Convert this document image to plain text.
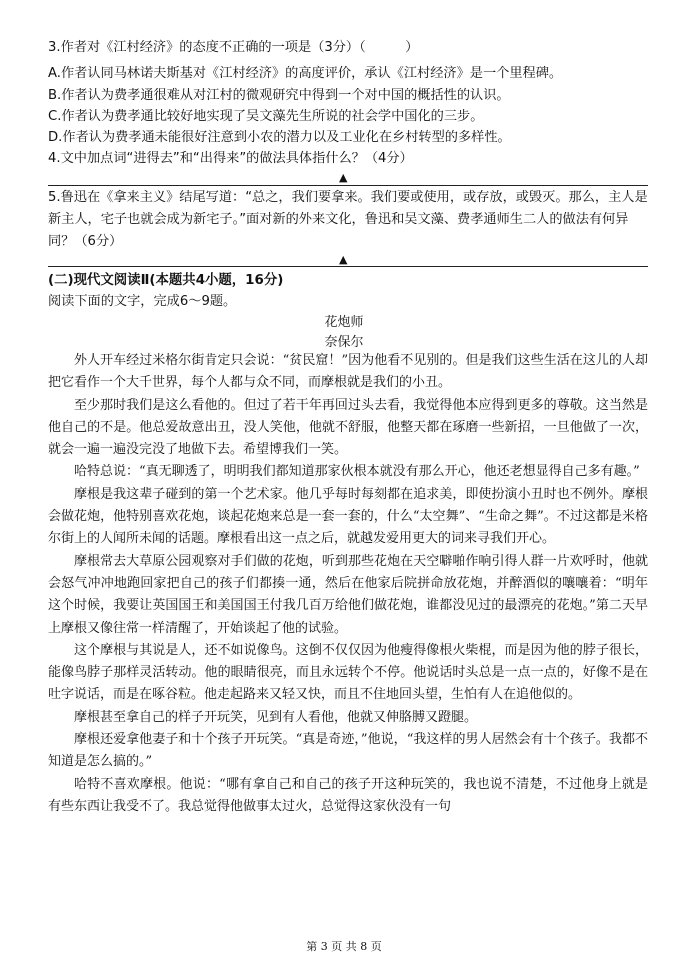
3.作者对《江村经济》的态度不正确的一项是（3分）（　　　）
A.作者认同马林诺夫斯基对《江村经济》的高度评价，承认《江村经济》是一个里程碑。
B.作者认为费孝通很难从对江村的微观研究中得到一个对中国的概括性的认识。
C.作者认为费孝通比较好地实现了吴文藻先生所说的社会学中国化的三步。
D.作者认为费孝通未能很好注意到小农的潜力以及工业化在乡村转型的多样性。
4.文中加点词“进得去”和“出得来”的做法具体指什么？（4分）
▲
5.鲁迅在《拿来主义》结尾写道：“总之，我们要拿来。我们要或使用，或存放，或毁灭。那么，主人是新主人，宅子也就会成为新宅子。”面对新的外来文化，鲁迅和吴文藻、费孝通师生二人的做法有何异同？（6分）
▲
(二)现代文阅读Ⅱ(本题共4小题，16分)
阅读下面的文字，完成6～9题。
花炮师
奈保尔

外人开车经过米格尔街肯定只会说：“贫民窟！”因为他看不见别的。但是我们这些生活在这儿的人却把它看作一个大千世界，每个人都与众不同，而摩根就是我们的小丑。

至少那时我们是这么看他的。但过了若干年再回过头去看，我觉得他本应得到更多的尊敬。这当然是他自己的不是。他总爱故意出丑，没人笑他，他就不舒服，他整天都在琢磨一些新招，一旦他做了一次，就会一遍一遍没完没了地做下去。希望博我们一笑。

哈特总说：“真无聊透了，明明我们都知道那家伙根本就没有那么开心，他还老想显得自己多有趣。”

摩根是我这辈子碰到的第一个艺术家。他几乎每时每刻都在追求美，即使扮演小丑时也不例外。摩根会做花炮，他特别喜欢花炮，谈起花炮来总是一套一套的，什么“太空舞”、“生命之舞”。不过这都是米格尔街上的人闻所未闻的话题。摩根看出这一点之后，就越发爱用更大的词来寻我们开心。

摩根常去大草原公园观察对手们做的花炮，听到那些花炮在天空噼啪作响引得人群一片欢呼时，他就会怒气冲冲地跑回家把自己的孩子们都揍一通，然后在他家后院拼命放花炮，并醉酒似的嚷嚷着：“明年这个时候，我要让英国国王和美国国王付我几百万给他们做花炮，谁都没见过的最漂亮的花炮。”第二天早上摩根又像往常一样清醒了，开始谈起了他的试验。

这个摩根与其说是人，还不如说像鸟。这倒不仅仅因为他瘦得像根火柴棍，而是因为他的脖子很长，能像鸟脖子那样灵活转动。他的眼睛很亮，而且永远转个不停。他说话时头总是一点一点的，好像不是在吐字说话，而是在啄谷粒。他走起路来又轻又快，而且不住地回头望，生怕有人在追他似的。

摩根甚至拿自己的样子开玩笑，见到有人看他，他就又伸胳膊又蹬腿。

摩根还爱拿他妻子和十个孩子开玩笑。“真是奇迹，”他说，“我这样的男人居然会有十个孩子。我都不知道是怎么搞的。”

哈特不喜欢摩根。他说：“哪有拿自己和自己的孩子开这种玩笑的，我也说不清楚，不过他身上就是有些东西让我受不了。我总觉得他做事太过火，总觉得这家伙没有一句

第 3 页 共 8 页
